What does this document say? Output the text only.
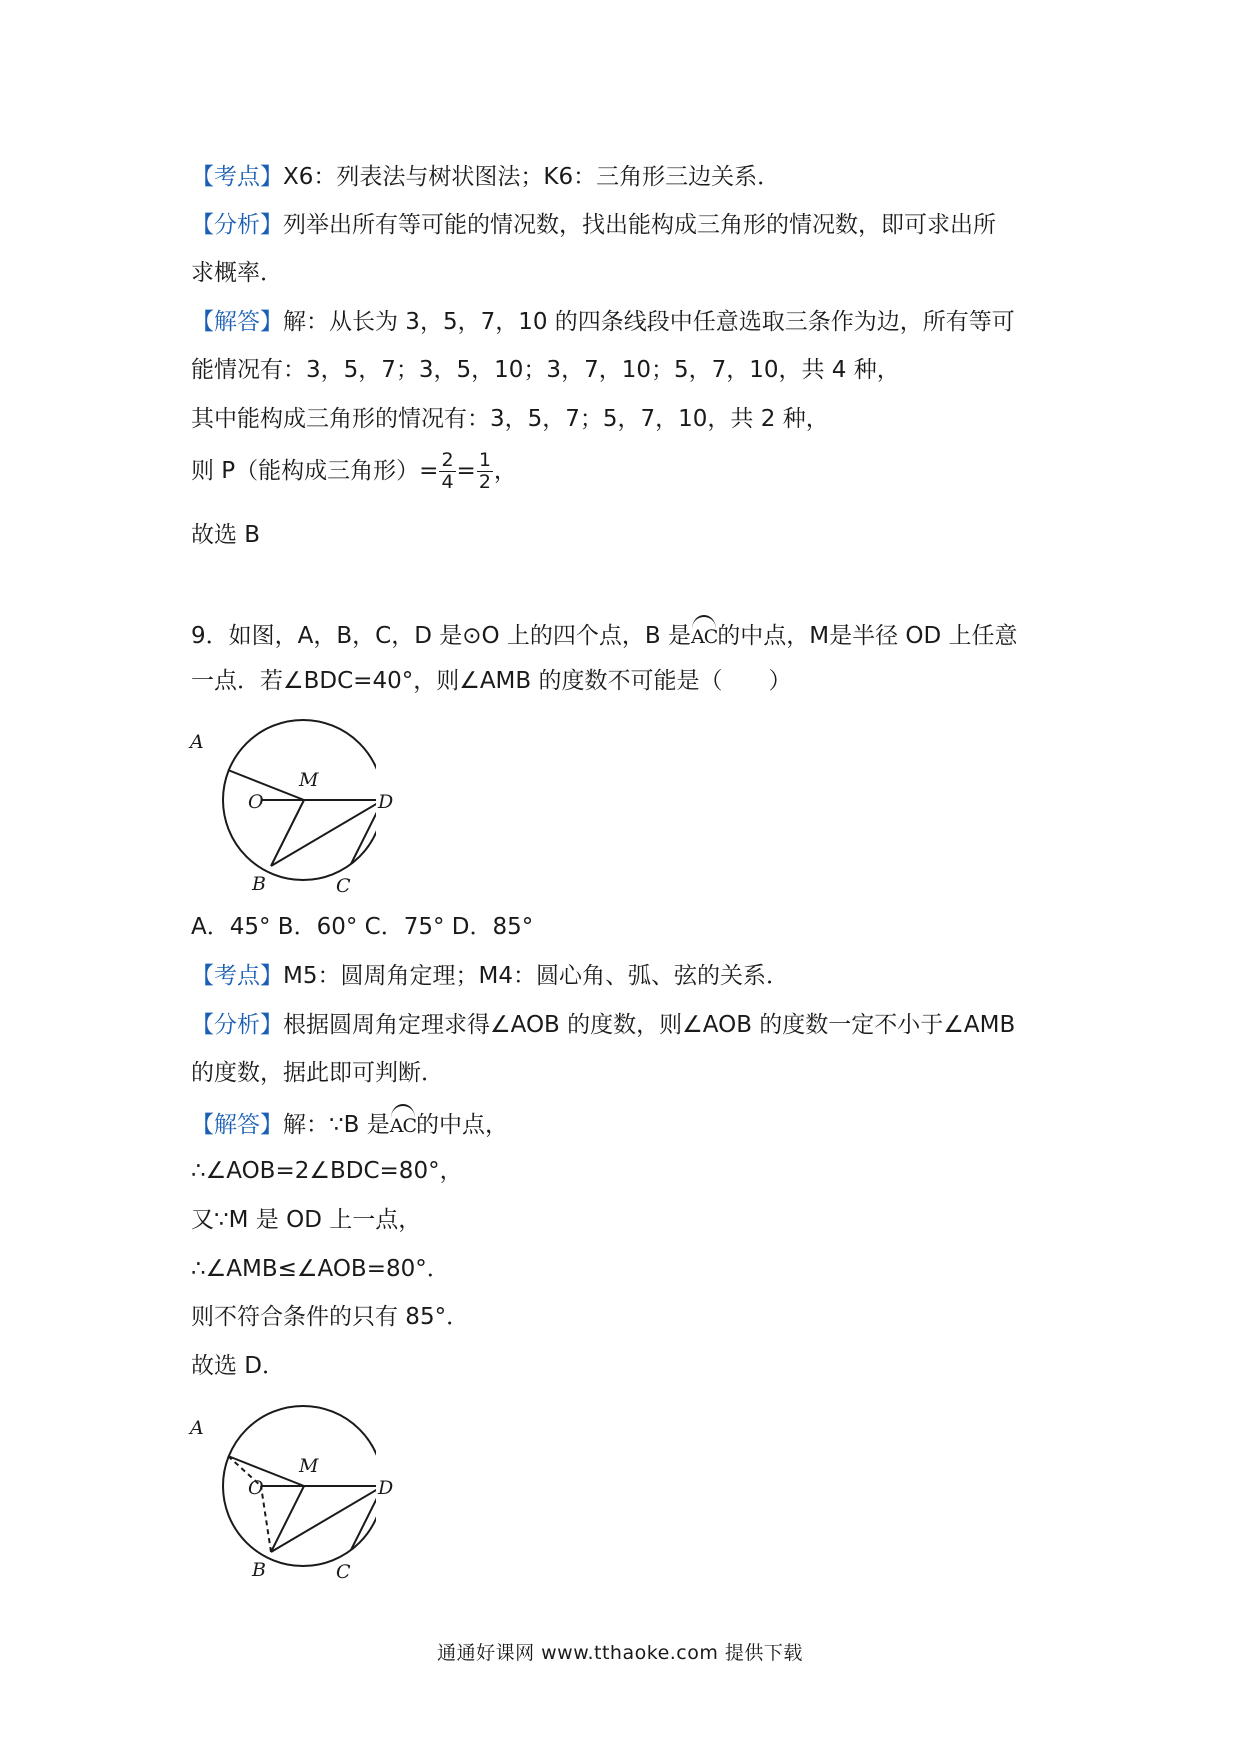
【考点】X6：列表法与树状图法；K6：三角形三边关系．
【分析】列举出所有等可能的情况数，找出能构成三角形的情况数，即可求出所
求概率．
【解答】解：从长为 3，5，7，10 的四条线段中任意选取三条作为边，所有等可
能情况有：3，5，7；3，5，10；3，7，10；5，7，10，共 4 种，
其中能构成三角形的情况有：3，5，7；5，7，10，共 2 种，
则 P（能构成三角形）= $\frac{2}{4} = \frac{1}{2}$ ，
故选 B
9．如图，A，B，C，D 是⊙O 上的四个点，B 是AC的中点，M是半径 OD 上任意
一点．若∠BDC=40°，则∠AMB 的度数不可能是（　　）
A
O
M
B	C
D
A．45° B．60° C．75° D．85°
【考点】M5：圆周角定理；M4：圆心角、弧、弦的关系．
【分析】根据圆周角定理求得∠AOB 的度数，则∠AOB 的度数一定不小于∠AMB
的度数，据此即可判断．
【解答】解：∵B 是AC的中点，
∴∠AOB=2∠BDC=80°，
又∵M 是 OD 上一点，
∴∠AMB≤∠AOB=80°．
则不符合条件的只有 85°．
故选 D．
A
O
M
B	C
D
通通好课网 www.tthaoke.com 提供下载
